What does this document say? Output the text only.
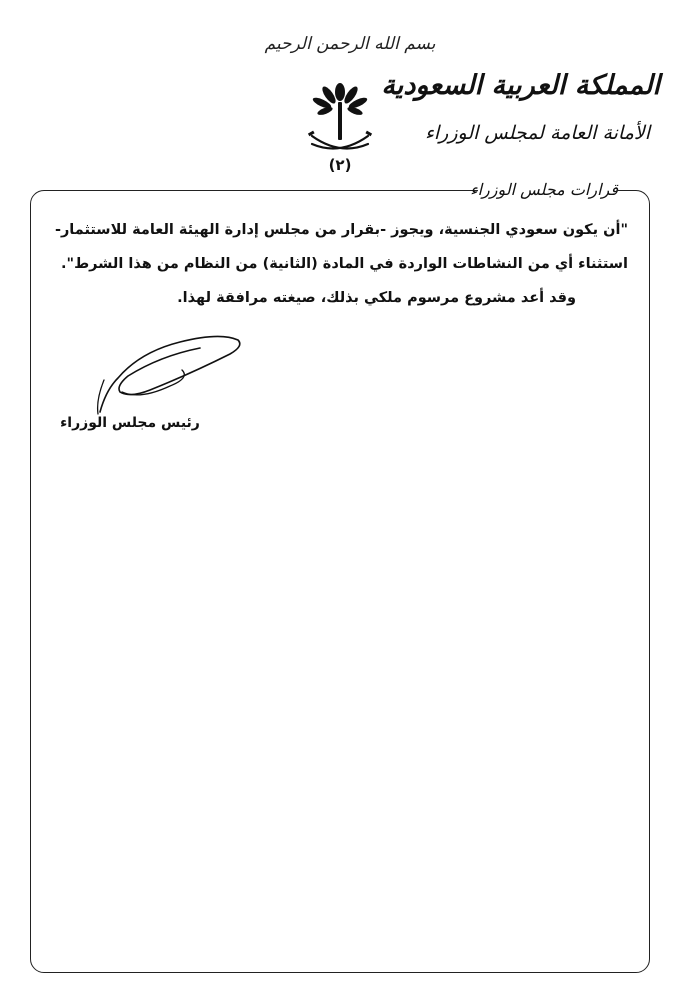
بسم الله الرحمن الرحيم
المملكة العربية السعودية
الأمانة العامة لمجلس الوزراء
(٢)
قرارات مجلس الوزراء
"أن يكون سعودي الجنسية، ويجوز -بقرار من مجلس إدارة الهيئة العامة للاستثمار-
استثناء أي من النشاطات الواردة في المادة (الثانية) من النظام من هذا الشرط".
وقد أعد مشروع مرسوم ملكي بذلك، صيغته مرافقة لهذا.
رئيس مجلس الوزراء
